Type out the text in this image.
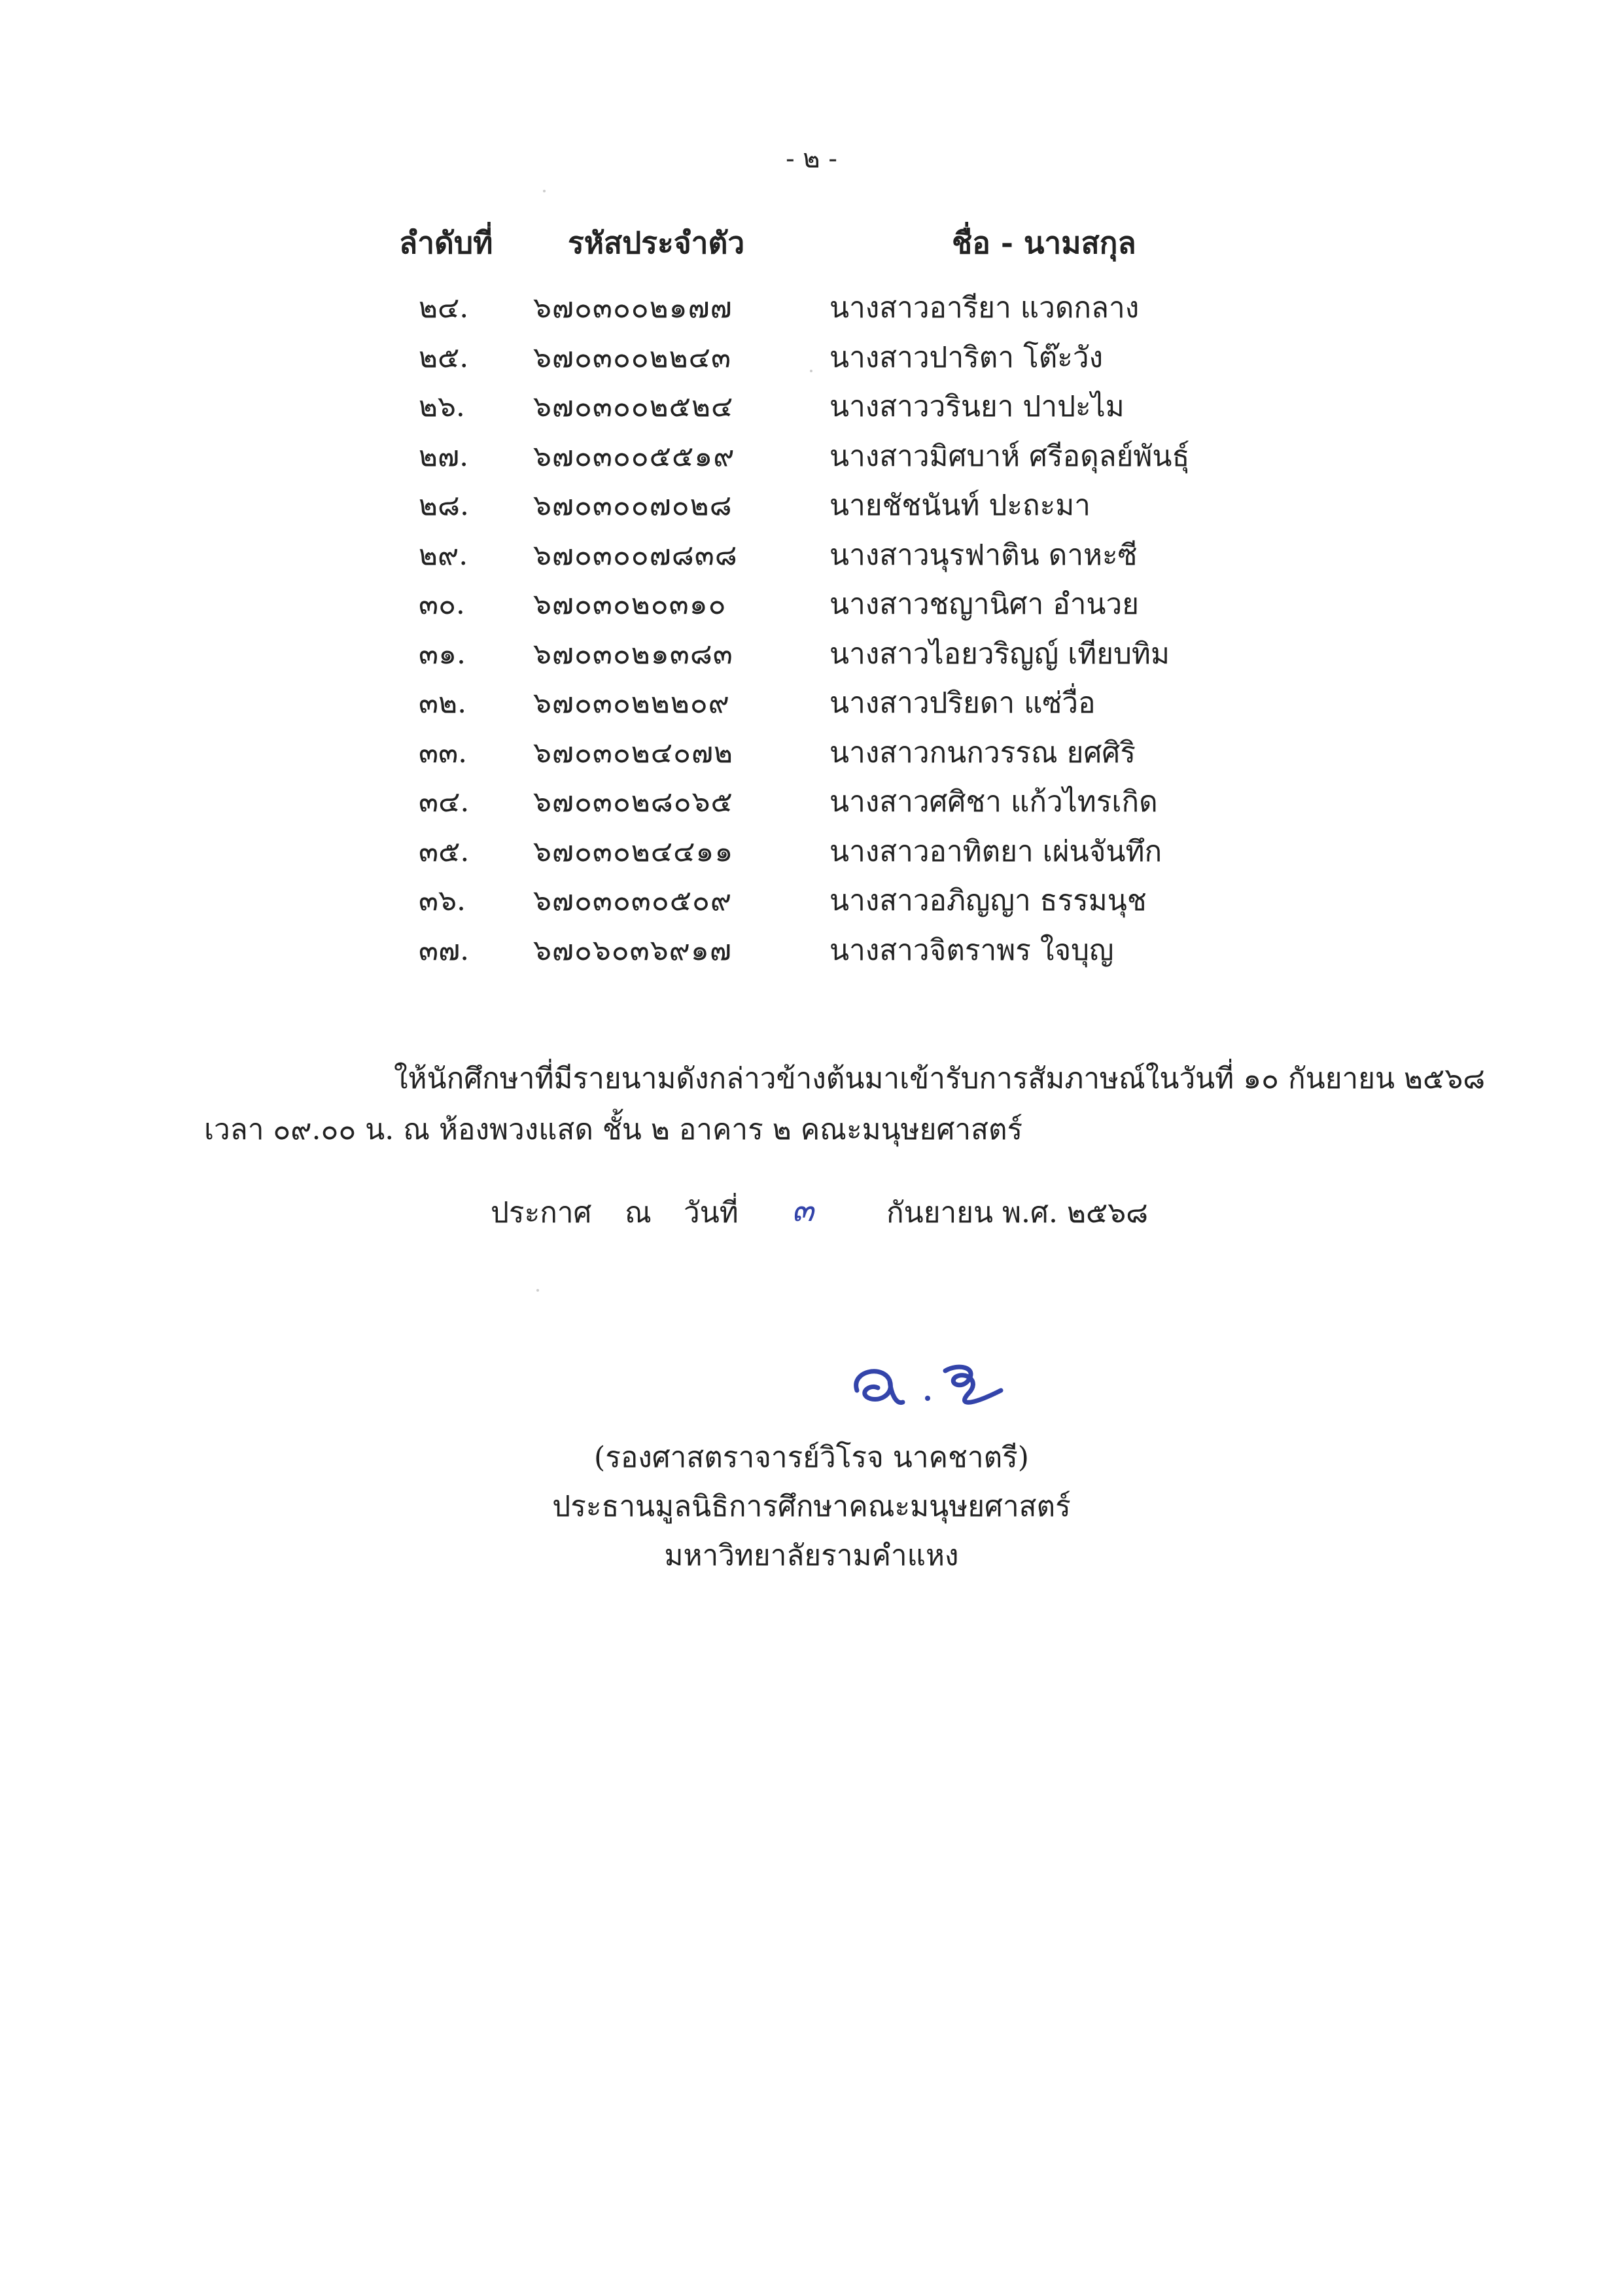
- ๒ -
ลำดับที่ รหัสประจำตัว	ชื่อ - นามสกุล
๒๔. ๖๗๐๓๐๐๒๑๗๗	นางสาวอารียา แวดกลาง
๒๕. ๖๗๐๓๐๐๒๒๔๓	นางสาวปาริตา โต๊ะวัง
๒๖. ๖๗๐๓๐๐๒๕๒๔	นางสาววรินยา ปาปะไม
๒๗. ๖๗๐๓๐๐๕๕๑๙	นางสาวมิศบาห์ ศรีอดุลย์พันธุ์
๒๘. ๖๗๐๓๐๐๗๐๒๘	นายชัชนันท์ ปะถะมา
๒๙. ๖๗๐๓๐๐๗๘๓๘	นางสาวนุรฟาติน ดาหะซี
๓๐. ๖๗๐๓๐๒๐๓๑๐	นางสาวชญานิศา อำนวย
๓๑. ๖๗๐๓๐๒๑๓๘๓	นางสาวไอยวริญญ์ เทียบทิม
๓๒. ๖๗๐๓๐๒๒๒๐๙	นางสาวปริยดา แซ่วื่อ
๓๓. ๖๗๐๓๐๒๔๐๗๒	นางสาวกนกวรรณ ยศศิริ
๓๔. ๖๗๐๓๐๒๘๐๖๕	นางสาวศศิชา แก้วไทรเกิด
๓๕. ๖๗๐๓๐๒๔๔๑๑	นางสาวอาทิตยา เผ่นจันทึก
๓๖. ๖๗๐๓๐๓๐๕๐๙	นางสาวอภิญญา ธรรมนุช
๓๗. ๖๗๐๖๐๓๖๙๑๗	นางสาวจิตราพร ใจบุญ
ให้นักศึกษาที่มีรายนามดังกล่าวข้างต้นมาเข้ารับการสัมภาษณ์ในวันที่ ๑๐ กันยายน ๒๕๖๘
เวลา ๐๙.๐๐ น. ณ ห้องพวงแสด ชั้น ๒ อาคาร ๒ คณะมนุษยศาสตร์
ประกาศ ณ วันที่ ๓	กันยายน พ.ศ. ๒๕๖๘
(รองศาสตราจารย์วิโรจ นาคชาตรี)
ประธานมูลนิธิการศึกษาคณะมนุษยศาสตร์
มหาวิทยาลัยรามคำแหง
